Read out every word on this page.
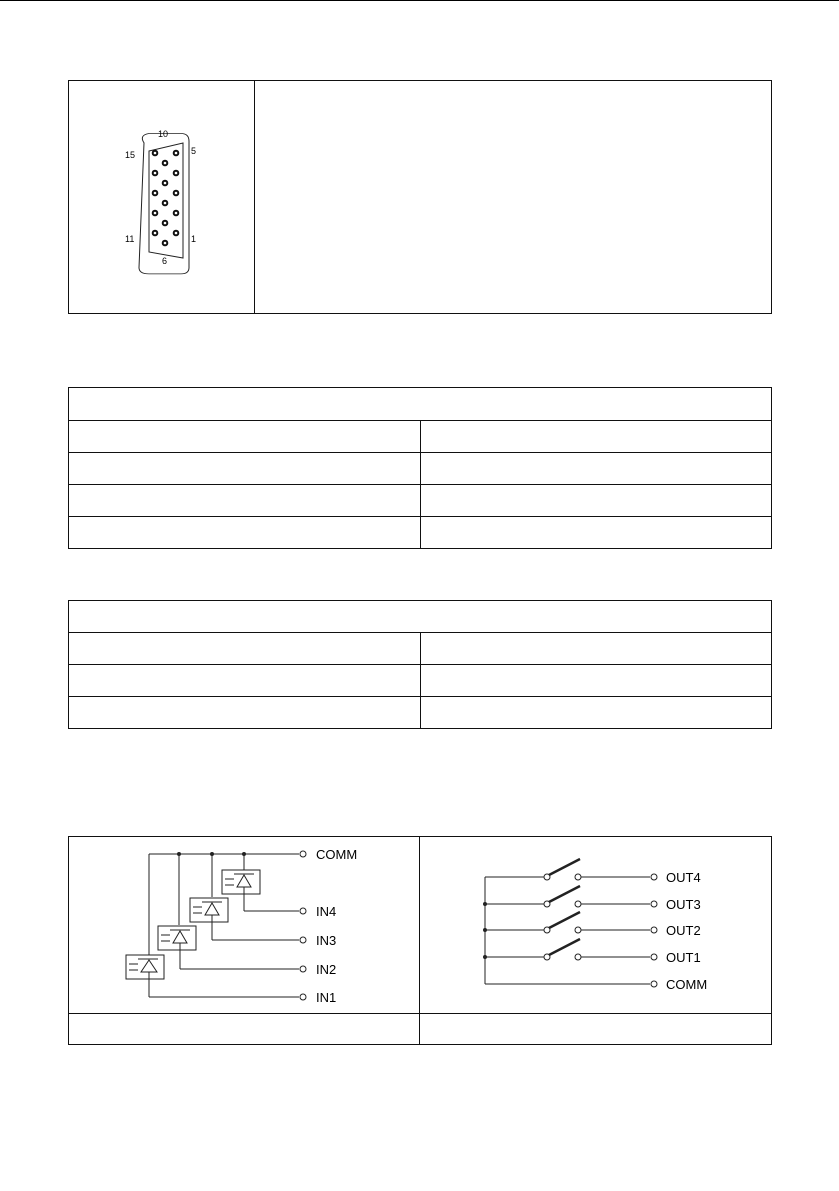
10
5
15
11	1
6

COMM
IN4
IN3
IN2
IN1
OUT4
OUT3
OUT2
OUT1
COMM
